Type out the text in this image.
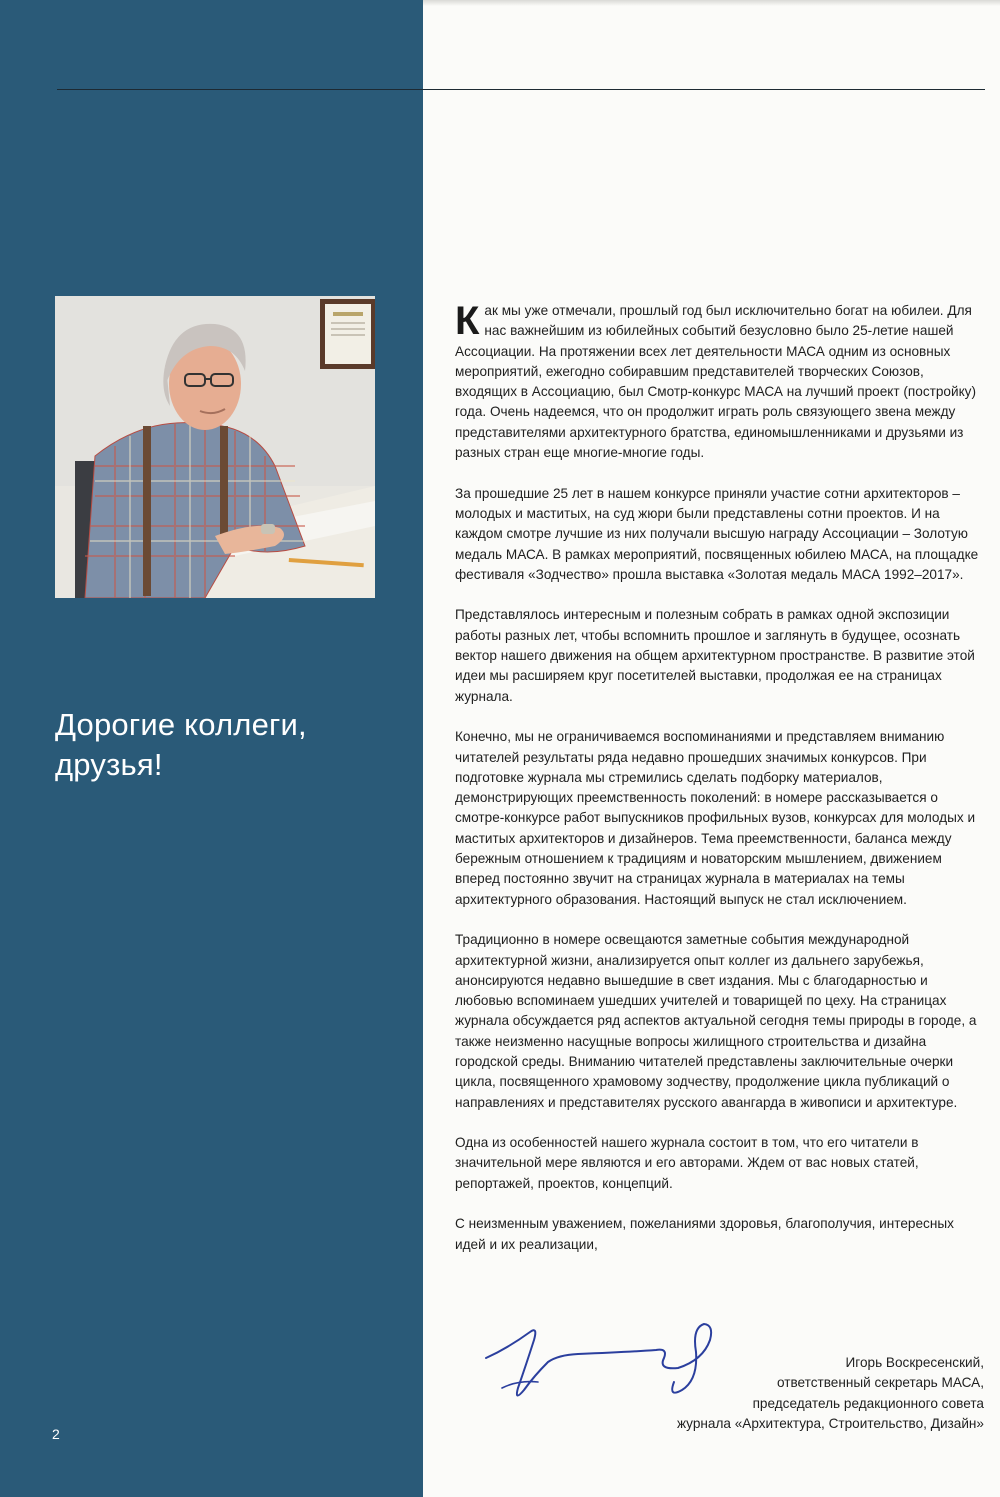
Дорогие коллеги,
друзья!

Как мы уже отмечали, прошлый год был исключительно богат на юбилеи. Для нас важнейшим из юбилейных событий безусловно было 25-летие нашей Ассоциации. На протяжении всех лет деятельности МАСА одним из основных мероприятий, ежегодно собиравшим представителей творческих Союзов, входящих в Ассоциацию, был Смотр-конкурс МАСА на лучший проект (постройку) года. Очень надеемся, что он продолжит играть роль связующего звена между представителями архитектурного братства, единомышленниками и друзьями из разных стран еще многие-многие годы.

За прошедшие 25 лет в нашем конкурсе приняли участие сотни архитекторов – молодых и маститых, на суд жюри были представлены сотни проектов. И на каждом смотре лучшие из них получали высшую награду Ассоциации – Золотую медаль МАСА. В рамках мероприятий, посвященных юбилею МАСА, на площадке фестиваля «Зодчество» прошла выставка «Золотая медаль МАСА 1992–2017».

Представлялось интересным и полезным собрать в рамках одной экспозиции работы разных лет, чтобы вспомнить прошлое и заглянуть в будущее, осознать вектор нашего движения на общем архитектурном пространстве. В развитие этой идеи мы расширяем круг посетителей выставки, продолжая ее на страницах журнала.

Конечно, мы не ограничиваемся воспоминаниями и представляем вниманию читателей результаты ряда недавно прошедших значимых конкурсов. При подготовке журнала мы стремились сделать подборку материалов, демонстрирующих преемственность поколений: в номере рассказывается о смотре-конкурсе работ выпускников профильных вузов, конкурсах для молодых и маститых архитекторов и дизайнеров. Тема преемственности, баланса между бережным отношением к традициям и новаторским мышлением, движением вперед постоянно звучит на страницах журнала в материалах на темы архитектурного образования. Настоящий выпуск не стал исключением.

Традиционно в номере освещаются заметные события международной архитектурной жизни, анализируется опыт коллег из дальнего зарубежья, анонсируются недавно вышедшие в свет издания. Мы с благодарностью и любовью вспоминаем ушедших учителей и товарищей по цеху. На страницах журнала обсуждается ряд аспектов актуальной сегодня темы природы в городе, а также неизменно насущные вопросы жилищного строительства и дизайна городской среды. Вниманию читателей представлены заключительные очерки цикла, посвященного храмовому зодчеству, продолжение цикла публикаций о направлениях и представителях русского авангарда в живописи и архитектуре.

Одна из особенностей нашего журнала состоит в том, что его читатели в значительной мере являются и его авторами. Ждем от вас новых статей, репортажей, проектов, концепций.

С неизменным уважением, пожеланиями здоровья, благополучия, интересных идей и их реализации,

Игорь Воскресенский,
ответственный секретарь МАСА,
председатель редакционного совета
журнала «Архитектура, Строительство, Дизайн»
2
